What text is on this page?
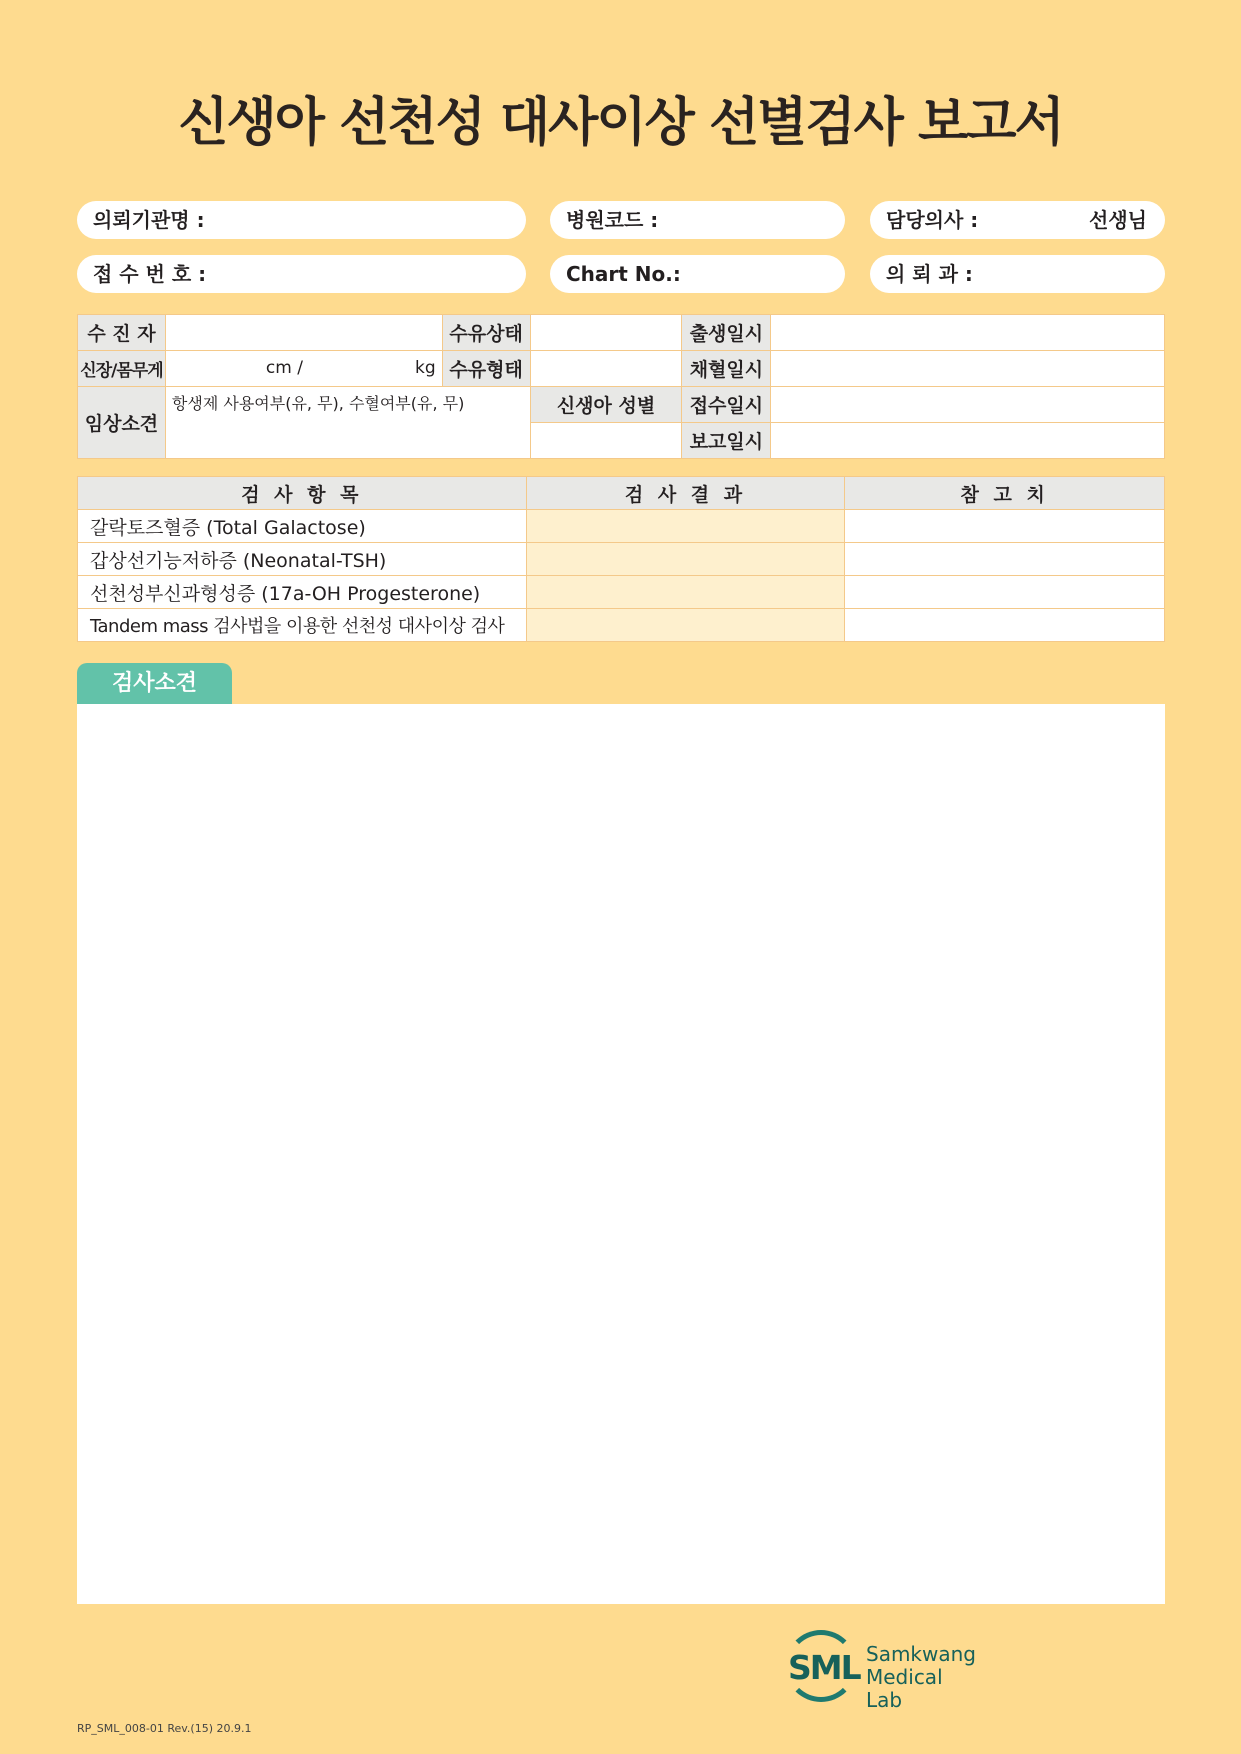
신생아 선천성 대사이상 선별검사 보고서
의뢰기관명 :	병원코드 :	담당의사 :	선생님
접 수 번 호 :	Chart No.:	의 뢰 과 :
수 진 자		수유상태		출생일시	
신장/몸무게	cm / kg	수유형태		채혈일시	
임상소견	항생제 사용여부(유, 무), 수혈여부(유, 무)		신생아 성별	접수일시	
				보고일시	
검 사 항 목	검 사 결 과	참 고 치
갈락토즈혈증 (Total Galactose)		
갑상선기능저하증 (Neonatal-TSH)		
선천성부신과형성증 (17a-OH Progesterone)		
Tandem mass 검사법을 이용한 선천성 대사이상 검사		
검사소견
SML Samkwang
Medical Lab
RP_SML_008-01 Rev.(15) 20.9.1
